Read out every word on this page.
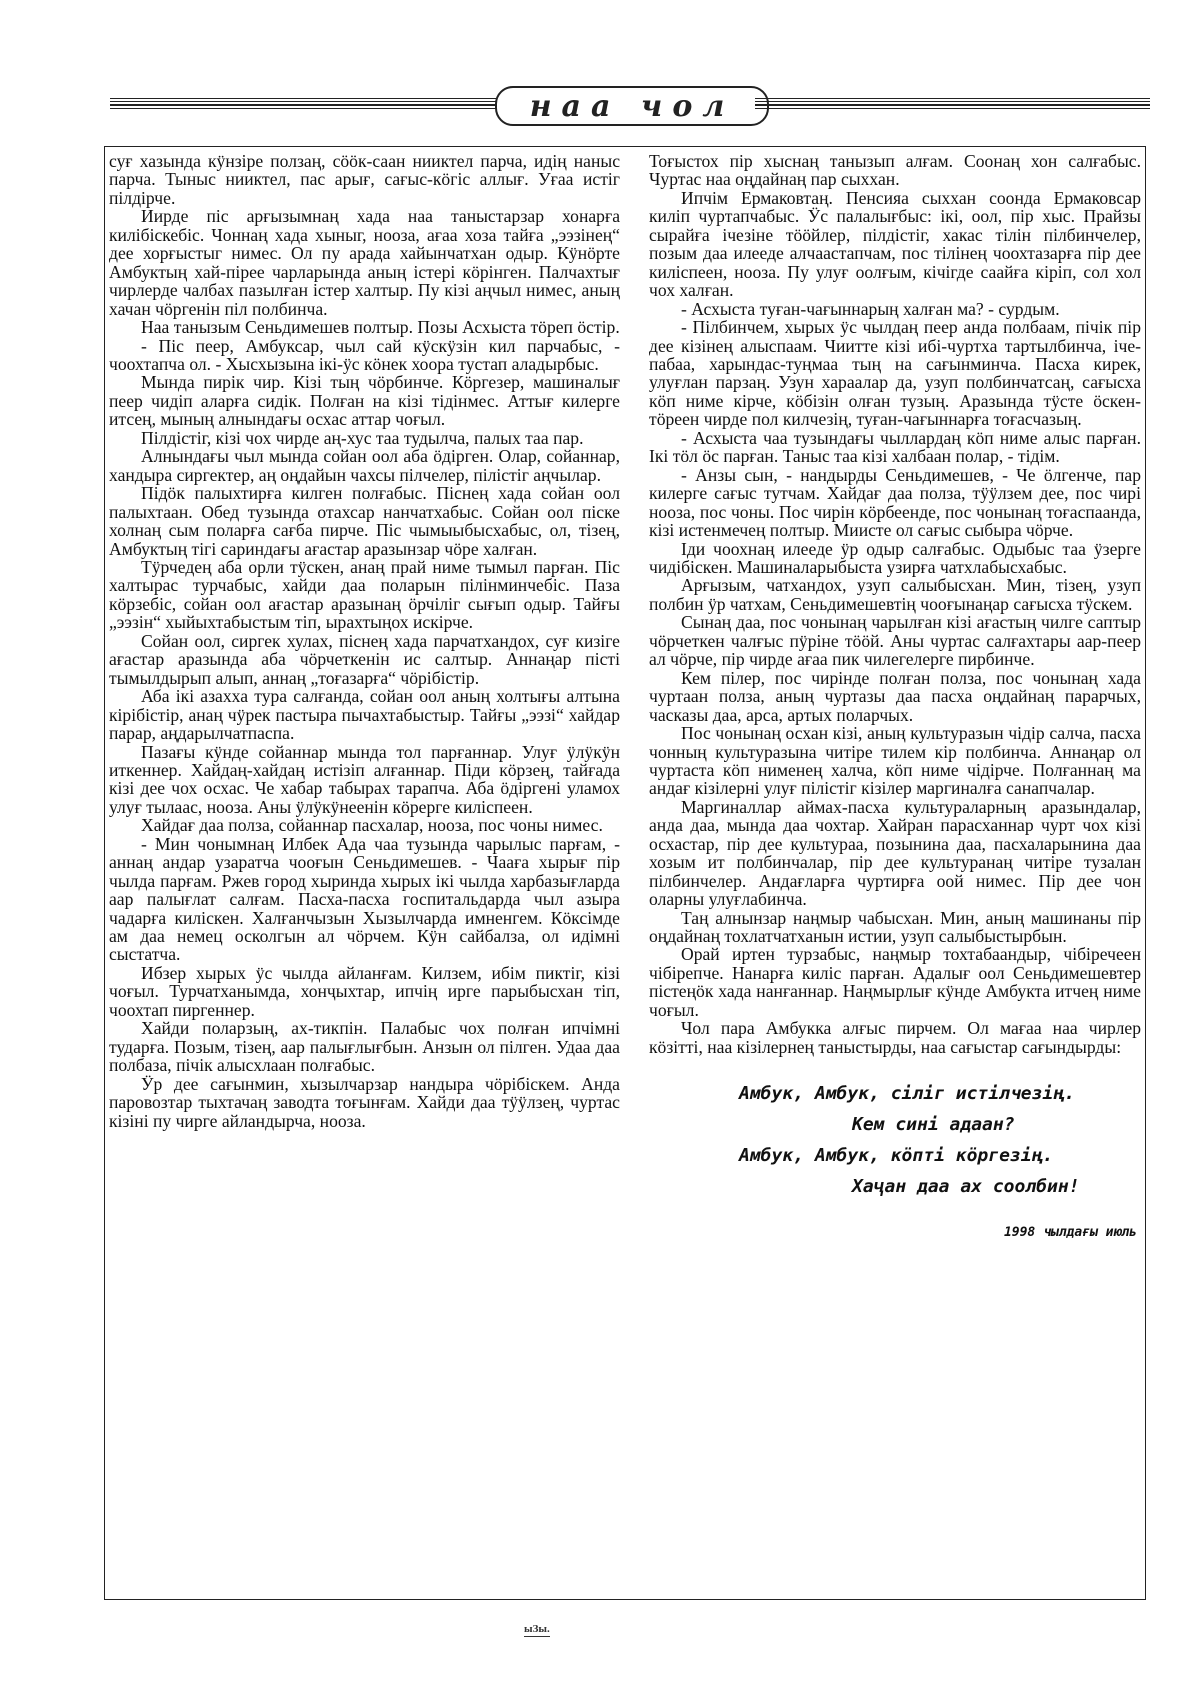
наа чол

суғ хазында кӱнзіре ползаң, сӧӧк-саан нииктел парча, идің наныс парча. Тыныс нииктел, пас арығ, сағыс-кӧгіс аллығ. Уғаа истіг пілдірче.

Иирде піс арғызымнаң хада наа таныстарзар хонарға килібіскебіс. Чоннаң хада хыныг, нооза, ағаа хоза тайға „ээзінең“ дее хорғыстыг нимес. Ол пу арада хайынчатхан одыр. Кӱнӧрте Амбуктың хай-пірее чарларында аның істері кӧрінген. Палчахтығ чирлерде чалбах пазылған істер халтыр. Пу кізі аңчыл нимес, аның хачан чӧргенін піл полбинча.

Наа танызым Сеньдимешев полтыр. Позы Асхыста тӧреп ӧстір.

- Піс пеер, Амбуксар, чыл сай кӱскӱзін кил парчабыс, - чоохтапча ол. - Хысхызына ікі-ӱс кӧнек хоора тустап аладырбыс.

Мында пирік чир. Кізі тың чӧрбинче. Кӧргезер, машиналығ пеер чидіп аларға сидік. Полған на кізі тідінмес. Аттығ килерге итсең, мының алнындағы осхас аттар чоғыл.

Пілдістіг, кізі чох чирде аң-хус таа тудылча, палых таа пар.

Алнындағы чыл мында сойан оол аба ӧдірген. Олар, сойаннар, хандыра сиргектер, аң оңдайын чахсы пілчелер, пілістіг аңчылар.

Підӧк палыхтирға килген полғабыс. Піснең хада сойан оол палыхтаан. Обед тузында отахсар нанчатхабыс. Сойан оол піске холнаң сым поларға сағба пирче. Піс чымыыбысхабыс, ол, тізең, Амбуктың тігі сариндағы ағастар аразынзар чӧре халған.

Тӱрчедең аба орли тӱскен, анаң прай ниме тымыл парған. Піс халтырас турчабыс, хайди даа поларын пілінминчебіс. Паза кӧрзебіс, сойан оол ағастар аразынаң ӧрчіліг сығып одыр. Тайғы „ээзін“ хыйыхтабыстым тіп, ырахтыңох искірче.

Сойан оол, сиргек хулах, піснең хада парчатхандох, суғ кизіге ағастар аразында аба чӧрчеткенін ис салтыр. Аннаңар пісті тымылдырып алып, аннаң „тоғазарға“ чӧрібістір.

Аба ікі азахха тура салғанда, сойан оол аның холтығы алтына кірібістір, анаң чӱрек пастыра пычахтабыстыр. Тайғы „ээзі“ хайдар парар, аңдарылчатпаспа.

Пазағы кӱнде сойаннар мында тол парғаннар. Улуғ ӱлӱкӱн иткеннер. Хайдаң-хайдаң истізіп алғаннар. Піди кӧрзең, тайғада кізі дее чох осхас. Че хабар табырах тарапча. Аба ӧдіргені уламох улуғ тылаас, нооза. Аны ӱлӱкӱнеенін кӧрерге киліспеен.

Хайдағ даа полза, сойаннар пасхалар, нооза, пос чоны нимес.

- Мин чонымнаң Илбек Ада чаа тузында чарылыс парғам, - аннаң андар узаратча чооғын Сеньдимешев. - Чааға хырығ пір чылда парғам. Ржев город хыринда хырых ікі чылда харбазығларда аар палығлат салғам. Пасха-пасха госпитальдарда чыл азыра чадарға киліскен. Халғанчызын Хызылчарда имненгем. Кӧксімде ам даа немец осколгын ал чӧрчем. Кӱн сайбалза, ол идімні сыстатча.

Ибзер хырых ӱс чылда айланғам. Килзем, ибім пиктіг, кізі чоғыл. Турчатханымда, хонҷыхтар, ипчің ирге парыбысхан тіп, чоохтап пиргеннер.

Хайди поларзың, ах-тикпін. Палабыс чох полған ипчімні тударға. Позым, тізең, аар палығлығбын. Анзын ол пілген. Удаа даа полбаза, пічік алысхлаан полғабыс.

Ӱр дее сағынмин, хызылчарзар нандыра чӧрібіскем. Анда паровозтар тыхтачаң заводта тоғынғам. Хайди даа тӱӱлзең, чуртас кізіні пу чирге айландырча, нооза.

Тоғыстох пір хыснаң танызып алғам. Соонаң хон салғабыс. Чуртас наа оңдайнаң пар сыххан.

Ипчім Ермаковтаң. Пенсияа сыххан соонда Ермаковсар киліп чуртапчабыс. Ӱс палалығбыс: ікі, оол, пір хыс. Прайзы сырайға ічезіне тӧӧйлер, пілдістіг, хакас тілін пілбинчелер, позым даа илееде алчаастапчам, пос тілінең чоохтазарға пір дее киліспеен, нооза. Пу улуғ оолғым, кічігде саайға кіріп, сол хол чох халған.

- Асхыста туған-чағыннарың халған ма? - сурдым.

- Пілбинчем, хырых ӱс чылдаң пеер анда полбаам, пічік пір дее кізінең алыспаам. Чиитте кізі ибі-чуртха тартылбинча, іче-пабаа, харындас-туңмаа тың на сағынминча. Пасха кирек, улуғлан парзаң. Узун хараалар да, узуп полбинчатсаң, сағысха кӧп ниме кірче, кӧбізін олған тузың. Аразында тӱсте ӧскен-тӧреен чирде пол килчезің, туған-чағыннарға тоғасчазың.

- Асхыста чаа тузындағы чыллардаң кӧп ниме алыс парған. Ікі тӧл ӧс парған. Таныс таа кізі халбаан полар, - тідім.

- Анзы сын, - нандырды Сеньдимешев, - Че ӧлгенче, пар килерге сағыс тутчам. Хайдағ даа полза, тӱӱлзем дее, пос чирі нооза, пос чоны. Пос чирін кӧрбеенде, пос чонынаң тоғаспаанда, кізі истенмечең полтыр. Миисте ол сағыс сыбыра чӧрче.

Іди чоохнаң илееде ӱр одыр салғабыс. Одыбыс таа ӱзерге чидібіскен. Машиналарыбыста узирға чатхлабысхабыс.

Арғызым, чатхандох, узуп салыбысхан. Мин, тізең, узуп полбин ӱр чатхам, Сеньдимешевтің чооғынаңар сағысха тӱскем.

Сынаң даа, пос чонынаң чарылған кізі ағастың чилге саптыр чӧрчеткен чалғыс пӱріне тӧӧй. Аны чуртас салғахтары аар-пеер ал чӧрче, пір чирде ағаа пик чилегелерге пирбинче.

Кем пілер, пос чирінде полған полза, пос чонынаң хада чуртаан полза, аның чуртазы даа пасха оңдайнаң парарчых, часказы даа, арса, артых поларчых.

Пос чонынаң осхан кізі, аның культуразын чідір салча, пасха чонның культуразына читіре тилем кір полбинча. Аннаңар ол чуртаста кӧп нименең халча, кӧп ниме чідірче. Полғаннаң ма андағ кізілерні улуғ пілістіг кізілер маргиналға санапчалар.

Маргиналлар аймах-пасха культураларның аразындалар, анда даа, мында даа чохтар. Хайран парасханнар чурт чох кізі осхастар, пір дее культураа, позынина даа, пасхаларынина даа хозым ит полбинчалар, пір дее культуранаң читіре тузалан пілбинчелер. Андағларға чуртирға оой нимес. Пір дее чон оларны улуғлабинча.

Таң алнынзар наңмыр чабысхан. Мин, аның машинаны пір оңдайнаң тохлатчатханын истии, узуп салыбыстырбын.

Орай иртен турзабыс, наңмыр тохтабаандыр, чібіречеен чібірепче. Нанарға киліс парған. Адалығ оол Сеньдимешевтер пістеңӧк хада нанғаннар. Наңмырлығ кӱнде Амбукта итчең ниме чоғыл.

Чол пара Амбукка алғыс пирчем. Ол мағаа наа чирлер кӧзітті, наа кізілернең таныстырды, наа сағыстар сағындырды:

Амбук, Амбук, сілiг истiлчезiң.
Кем синi адаан?
Амбук, Амбук, кӧптi кӧргезiң.
Хаҷан даа ах соолбин!
1998 чылдағы июль
ыЗы.
